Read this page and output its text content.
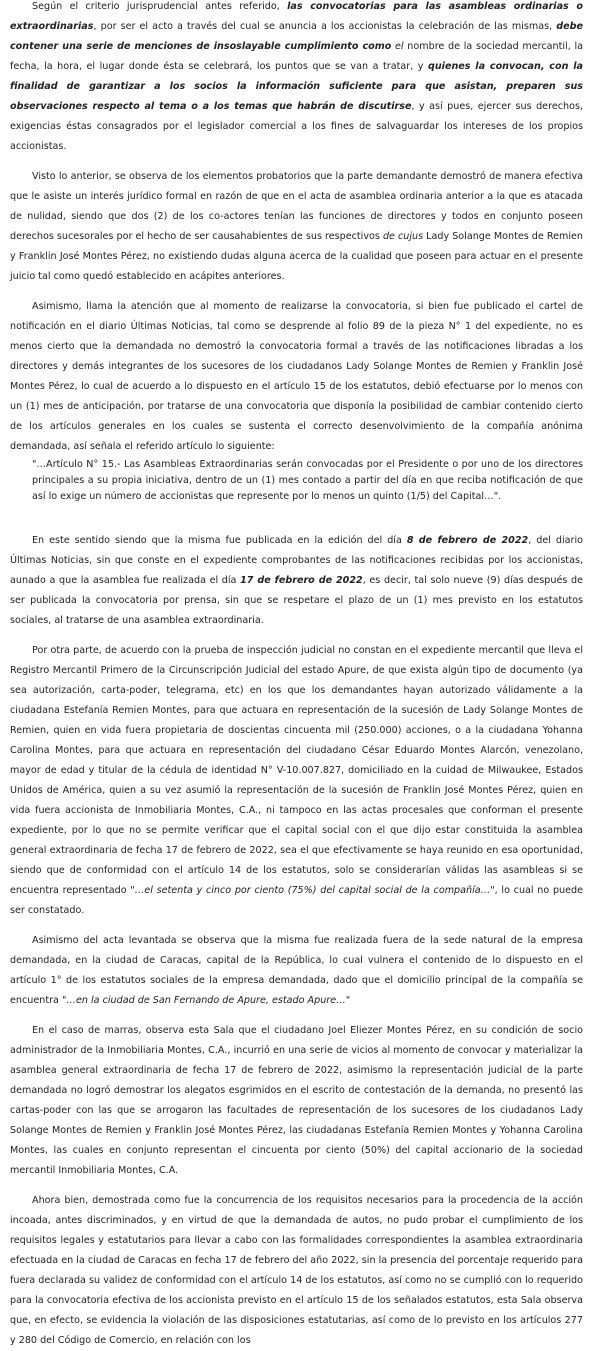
Según el criterio jurisprudencial antes referido, las convocatorias para las asambleas ordinarias o extraordinarias, por ser el acto a través del cual se anuncia a los accionistas la celebración de las mismas, debe contener una serie de menciones de insoslayable cumplimiento como el nombre de la sociedad mercantil, la fecha, la hora, el lugar donde ésta se celebrará, los puntos que se van a tratar, y quienes la convocan, con la finalidad de garantizar a los socios la información suficiente para que asistan, preparen sus observaciones respecto al tema o a los temas que habrán de discutirse, y así pues, ejercer sus derechos, exigencias éstas consagrados por el legislador comercial a los fines de salvaguardar los intereses de los propios accionistas.

Visto lo anterior, se observa de los elementos probatorios que la parte demandante demostró de manera efectiva que le asiste un interés jurídico formal en razón de que en el acta de asamblea ordinaria anterior a la que es atacada de nulidad, siendo que dos (2) de los co-actores tenían las funciones de directores y todos en conjunto poseen derechos sucesorales por el hecho de ser causahabientes de sus respectivos de cujus Lady Solange Montes de Remien y Franklin José Montes Pérez, no existiendo dudas alguna acerca de la cualidad que poseen para actuar en el presente juicio tal como quedó establecido en acápites anteriores.

Asimismo, llama la atención que al momento de realizarse la convocatoria, si bien fue publicado el cartel de notificación en el diario Últimas Noticias, tal como se desprende al folio 89 de la pieza N° 1 del expediente, no es menos cierto que la demandada no demostró la convocatoria formal a través de las notificaciones libradas a los directores y demás integrantes de los sucesores de los ciudadanos Lady Solange Montes de Remien y Franklin José Montes Pérez, lo cual de acuerdo a lo dispuesto en el artículo 15 de los estatutos, debió efectuarse por lo menos con un (1) mes de anticipación, por tratarse de una convocatoria que disponía la posibilidad de cambiar contenido cierto de los artículos generales en los cuales se sustenta el correcto desenvolvimiento de la compañía anónima demandada, así señala el referido artículo lo siguiente:

"…Artículo N° 15.- Las Asambleas Extraordinarias serán convocadas por el Presidente o por uno de los directores principales a su propia iniciativa, dentro de un (1) mes contado a partir del día en que reciba notificación de que así lo exige un número de accionistas que represente por lo menos un quinto (1/5) del Capital…".

En este sentido siendo que la misma fue publicada en la edición del día 8 de febrero de 2022, del diario Últimas Noticias, sin que conste en el expediente comprobantes de las notificaciones recibidas por los accionistas, aunado a que la asamblea fue realizada el día 17 de febrero de 2022, es decir, tal solo nueve (9) días después de ser publicada la convocatoria por prensa, sin que se respetare el plazo de un (1) mes previsto en los estatutos sociales, al tratarse de una asamblea extraordinaria.

Por otra parte, de acuerdo con la prueba de inspección judicial no constan en el expediente mercantil que lleva el Registro Mercantil Primero de la Circunscripción Judicial del estado Apure, de que exista algún tipo de documento (ya sea autorización, carta-poder, telegrama, etc) en los que los demandantes hayan autorizado válidamente a la ciudadana Estefanía Remien Montes, para que actuara en representación de la sucesión de Lady Solange Montes de Remien, quien en vida fuera propietaria de doscientas cincuenta mil (250.000) acciones, o a la ciudadana Yohanna Carolina Montes, para que actuara en representación del ciudadano César Eduardo Montes Alarcón, venezolano, mayor de edad y titular de la cédula de identidad N° V-10.007.827, domiciliado en la cuidad de Milwaukee, Estados Unidos de América, quien a su vez asumió la representación de la sucesión de Franklin José Montes Pérez, quien en vida fuera accionista de Inmobiliaria Montes, C.A., ni tampoco en las actas procesales que conforman el presente expediente, por lo que no se permite verificar que el capital social con el que dijo estar constituida la asamblea general extraordinaria de fecha 17 de febrero de 2022, sea el que efectivamente se haya reunido en esa oportunidad, siendo que de conformidad con el artículo 14 de los estatutos, solo se considerarían válidas las asambleas si se encuentra representado "…el setenta y cinco por ciento (75%) del capital social de la compañía…", lo cual no puede ser constatado.

Asimismo del acta levantada se observa que la misma fue realizada fuera de la sede natural de la empresa demandada, en la ciudad de Caracas, capital de la República, lo cual vulnera el contenido de lo dispuesto en el artículo 1° de los estatutos sociales de la empresa demandada, dado que el domicilio principal de la compañía se encuentra "…en la ciudad de San Fernando de Apure, estado Apure…"

En el caso de marras, observa esta Sala que el ciudadano Joel Eliezer Montes Pérez, en su condición de socio administrador de la Inmobiliaria Montes, C.A., incurrió en una serie de vicios al momento de convocar y materializar la asamblea general extraordinaria de fecha 17 de febrero de 2022, asimismo la representación judicial de la parte demandada no logró demostrar los alegatos esgrimidos en el escrito de contestación de la demanda, no presentó las cartas-poder con las que se arrogaron las facultades de representación de los sucesores de los ciudadanos Lady Solange Montes de Remien y Franklin José Montes Pérez, las ciudadanas Estefanía Remien Montes y Yohanna Carolina Montes, las cuales en conjunto representan el cincuenta por ciento (50%) del capital accionario de la sociedad mercantil Inmobiliaria Montes, C.A.

Ahora bien, demostrada como fue la concurrencia de los requisitos necesarios para la procedencia de la acción incoada, antes discriminados, y en virtud de que la demandada de autos, no pudo probar el cumplimiento de los requisitos legales y estatutarios para llevar a cabo con las formalidades correspondientes la asamblea extraordinaria efectuada en la ciudad de Caracas en fecha 17 de febrero del año 2022, sin la presencia del porcentaje requerido para fuera declarada su validez de conformidad con el artículo 14 de los estatutos, así como no se cumplió con lo requerido para la convocatoria efectiva de los accionista previsto en el artículo 15 de los señalados estatutos, esta Sala observa que, en efecto, se evidencia la violación de las disposiciones estatutarias, así como de lo previsto en los artículos 277 y 280 del Código de Comercio, en relación con los
